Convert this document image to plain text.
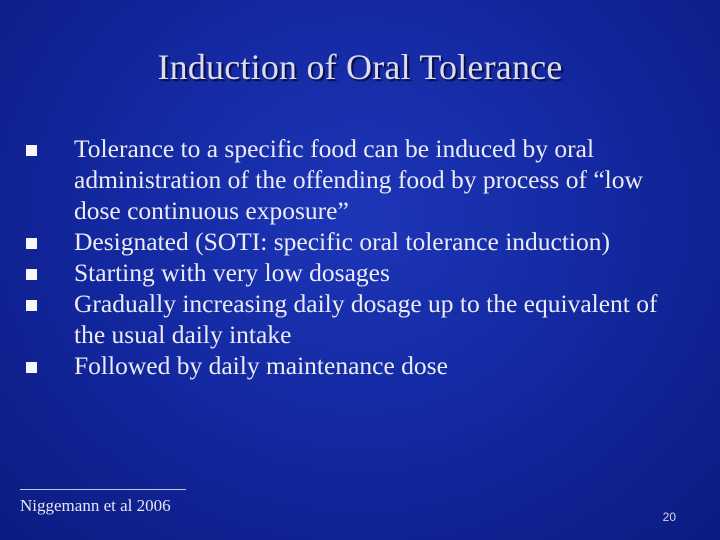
Induction of Oral Tolerance
Tolerance to a specific food can be induced by oral administration of the offending food by process of “low dose continuous exposure”
Designated (SOTI: specific oral tolerance induction)
Starting with very low dosages
Gradually increasing daily dosage up to the equivalent of the usual daily intake
Followed by daily maintenance dose
Niggemann et al 2006
20
